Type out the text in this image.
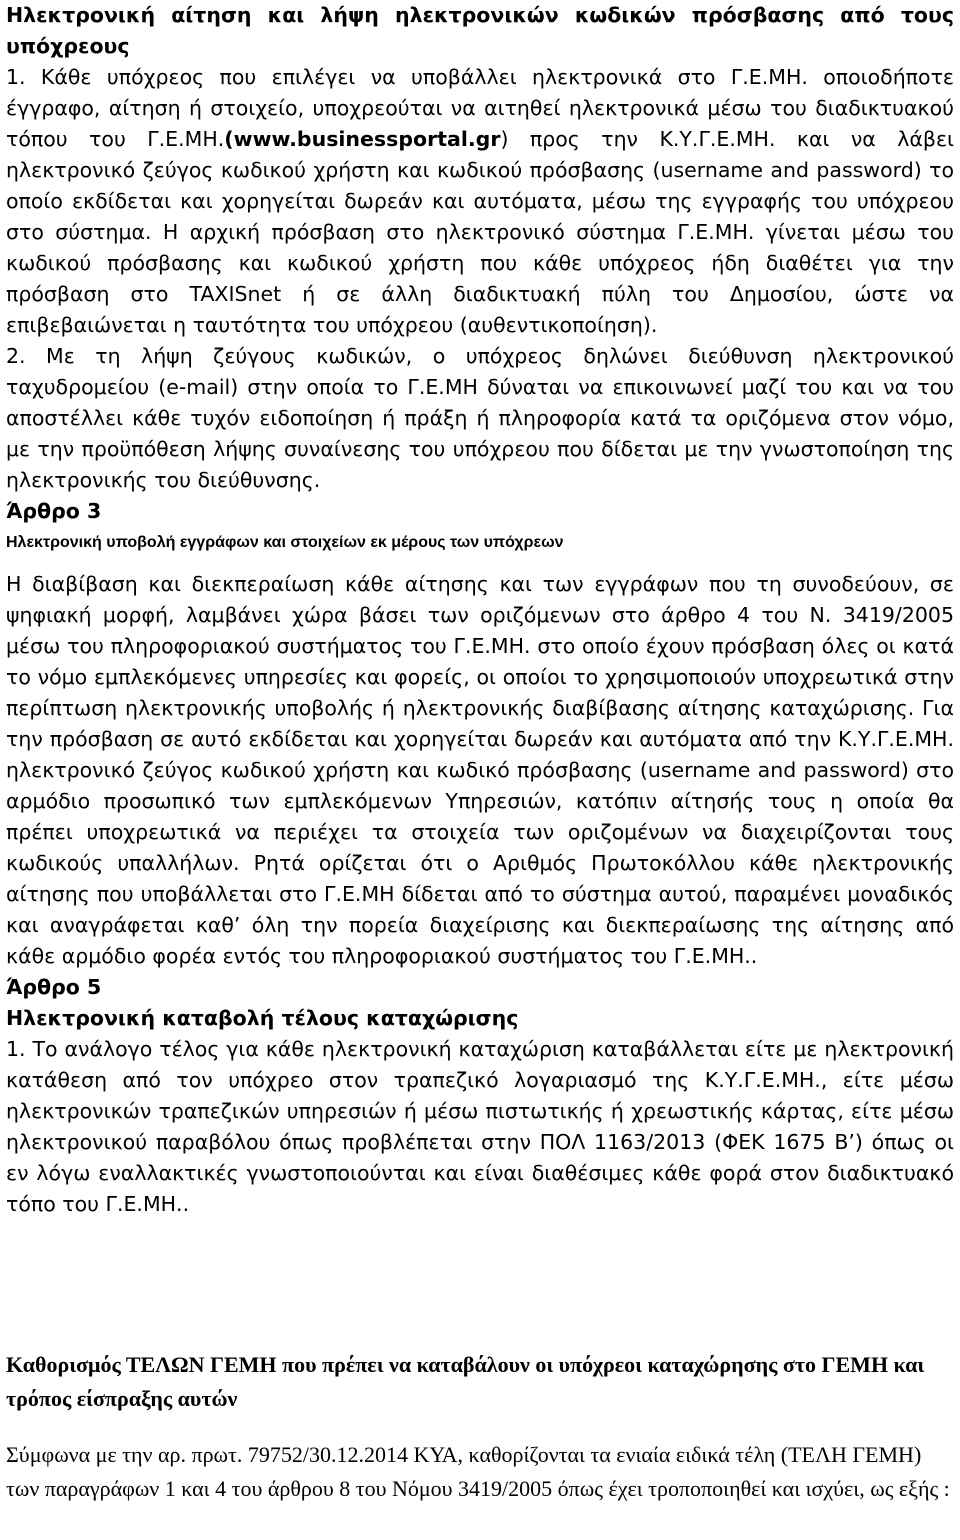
Ηλεκτρονική αίτηση και λήψη ηλεκτρονικών κωδικών πρόσβασης από τους υπόχρεους

1. Κάθε υπόχρεος που επιλέγει να υποβάλλει ηλεκτρονικά στο Γ.Ε.ΜΗ. οποιοδήποτε έγγραφο, αίτηση ή στοιχείο, υποχρεούται να αιτηθεί ηλεκτρονικά μέσω του διαδικτυακού τόπου του Γ.Ε.ΜΗ.(www.businessportal.gr) προς την Κ.Υ.Γ.Ε.ΜΗ. και να λάβει ηλεκτρονικό ζεύγος κωδικού χρήστη και κωδικού πρόσβασης (username and password) το οποίο εκδίδεται και χορηγείται δωρεάν και αυτόματα, μέσω της εγγραφής του υπόχρεου στο σύστημα. Η αρχική πρόσβαση στο ηλεκτρονικό σύστημα Γ.Ε.ΜΗ. γίνεται μέσω του κωδικού πρόσβασης και κωδικού χρήστη που κάθε υπόχρεος ήδη διαθέτει για την πρόσβαση στο TAXISnet ή σε άλλη διαδικτυακή πύλη του Δημοσίου, ώστε να επιβεβαιώνεται η ταυτότητα του υπόχρεου (αυθεντικοποίηση).

2. Με τη λήψη ζεύγους κωδικών, ο υπόχρεος δηλώνει διεύθυνση ηλεκτρονικού ταχυδρομείου (e-mail) στην οποία το Γ.Ε.ΜΗ δύναται να επικοινωνεί μαζί του και να του αποστέλλει κάθε τυχόν ειδοποίηση ή πράξη ή πληροφορία κατά τα οριζόμενα στον νόμο, με την προϋπόθεση λήψης συναίνεσης του υπόχρεου που δίδεται με την γνωστοποίηση της ηλεκτρονικής του διεύθυνσης.

Άρθρο 3

Ηλεκτρονική υποβολή εγγράφων και στοιχείων εκ μέρους των υπόχρεων

Η διαβίβαση και διεκπεραίωση κάθε αίτησης και των εγγράφων που τη συνοδεύουν, σε ψηφιακή μορφή, λαμβάνει χώρα βάσει των οριζόμενων στο άρθρο 4 του Ν. 3419/2005 μέσω του πληροφοριακού συστήματος του Γ.Ε.ΜΗ. στο οποίο έχουν πρόσβαση όλες οι κατά το νόμο εμπλεκόμενες υπηρεσίες και φορείς, οι οποίοι το χρησιμοποιούν υποχρεωτικά στην περίπτωση ηλεκτρονικής υποβολής ή ηλεκτρονικής διαβίβασης αίτησης καταχώρισης. Για την πρόσβαση σε αυτό εκδίδεται και χορηγείται δωρεάν και αυτόματα από την Κ.Υ.Γ.Ε.ΜΗ. ηλεκτρονικό ζεύγος κωδικού χρήστη και κωδικό πρόσβασης (username and password) στο αρμόδιο προσωπικό των εμπλεκόμενων Υπηρεσιών, κατόπιν αίτησής τους η οποία θα πρέπει υποχρεωτικά να περιέχει τα στοιχεία των οριζομένων να διαχειρίζονται τους κωδικούς υπαλλήλων. Ρητά ορίζεται ότι ο Αριθμός Πρωτοκόλλου κάθε ηλεκτρονικής αίτησης που υποβάλλεται στο Γ.Ε.ΜΗ δίδεται από το σύστημα αυτού, παραμένει μοναδικός και αναγράφεται καθ’ όλη την πορεία διαχείρισης και διεκπεραίωσης της αίτησης από κάθε αρμόδιο φορέα εντός του πληροφοριακού συστήματος του Γ.Ε.ΜΗ..

Άρθρο 5

Ηλεκτρονική καταβολή τέλους καταχώρισης

1. Το ανάλογο τέλος για κάθε ηλεκτρονική καταχώριση καταβάλλεται είτε με ηλεκτρονική κατάθεση από τον υπόχρεο στον τραπεζικό λογαριασμό της Κ.Υ.Γ.Ε.ΜΗ., είτε μέσω ηλεκτρονικών τραπεζικών υπηρεσιών ή μέσω πιστωτικής ή χρεωστικής κάρτας, είτε μέσω ηλεκτρονικού παραβόλου όπως προβλέπεται στην ΠΟΛ 1163/2013 (ΦΕΚ 1675 Β’) όπως οι εν λόγω εναλλακτικές γνωστοποιούνται και είναι διαθέσιμες κάθε φορά στον διαδικτυακό τόπο του Γ.Ε.ΜΗ..

Καθορισμός ΤΕΛΩΝ ΓΕΜΗ που πρέπει να καταβάλουν οι υπόχρεοι καταχώρησης στο ΓΕΜΗ και τρόπος είσπραξης αυτών

Σύμφωνα με την αρ. πρωτ. 79752/30.12.2014 ΚΥΑ, καθορίζονται τα ενιαία ειδικά τέλη (ΤΕΛΗ ΓΕΜΗ) των παραγράφων 1 και 4 του άρθρου 8 του Νόμου 3419/2005 όπως έχει τροποποιηθεί και ισχύει, ως εξής :
